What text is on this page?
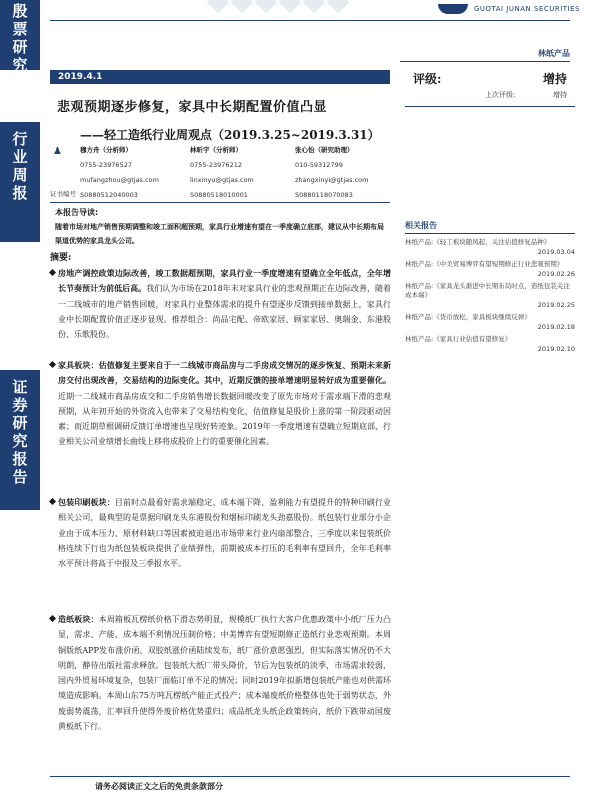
殷
票
研
究
行
业
周
报
证
券
研
究
报
告
GUOTAI JUNAN SECURITIES
林纸产品
2019.4.1
悲观预期逐步修复，家具中长期配置价值凸显
——轻工造纸行业周观点（2019.3.25~2019.3.31）
♟
证书编号
穆方舟（分析师）
0755-23976527
mufangzhou@gtjas.com
S0880512040003
林昕宇（分析师）
0755-23976212
linxinyu@gtjas.com
S0880518010001
张心怡（研究助理）
010-59312799
zhangxinyi@gtjas.com
S0880118070083
评级:	增持
上次评级:	增持
本报告导读:
随着市场对地产销售预期调整和竣工面积超预期，家具行业增速有望在一季度确立底部，建议从中长期布局渠道优势的家具龙头公司。
摘要:
房地产调控政策边际改善，竣工数据超预期，家具行业一季度增速有望确立全年低点，全年增长节奏预计为前低后高。我们认为市场在2018年末对家具行业的悲观预期正在边际改善，随着一二线城市的地产销售回暖，对家具行业整体需求的提升有望逐步反馈到接单数据上，家具行业中长期配置价值正逐步显现。推荐组合：尚品宅配、帝欧家居、顾家家居、奥瑞金、东港股份、乐歌股份。
家具板块：估值修复主要来自于一二线城市商品房与二手房成交情况的逐步恢复、预期未来新房交付出现改善，交易结构的边际变化。其中，近期反馈的接单增速明显转好成为重要催化。近期一二线城市商品房成交和二手房销售增长数据回暖改变了原先市场对于需求端下滑的悲观预期，从年初开始的外资流入也带来了交易结构变化，估值修复是股价上涨的第一阶段驱动因素；而近期草根调研反馈订单增速也呈现好转迹象。2019年一季度增速有望确立短期底部，行业相关公司业绩增长曲线上移将成股价上行的重要催化因素。
包装印刷板块：目前时点最看好需求端稳定、成本端下降、盈利能力有望提升的特种印刷行业相关公司，最典型的是票据印刷龙头东港股份和烟标印刷龙头劲嘉股份。纸包装行业部分小企业由于成本压力、原材料缺口等因素被迫退出市场带来行业内扇部整合，三季度以来包装纸价格连续下行也为纸包装板块提供了业绩弹性，前期被成本打压的毛利率有望回升，全年毛利率水平预计将高于中报及三季报水平。
造纸板块：本周箱板瓦楞纸价格下滑态势明显，规模纸厂执行大客户优惠政策中小纸厂压力凸显，需求、产能、成本端不利情况压制价格；中美博弈有望短期修正造纸行业悲观预期。本周铜版纸APP发布涨价函，双胶纸涨价函陆续发布，纸厂涨价意愿强烈，但实际落实情况仍不大明朗，静待出版社需求释放。包装纸大纸厂带头降价，节后为包装纸的淡季，市场需求较弱，国内外贸易环境复杂，包装厂面临订单不足的情况；同时2019年拟新增包装纸产能也对供需环境造成影响。本周山东75万吨瓦楞纸产能正式投产；成本端废纸价格整体也处于弱势状态，外废弱势震荡，汇率回升使得外废价格优势重归；成品纸龙头纸企政策转向，纸价下跌带动国废黄板纸下行。
相关报告
林纸产品:《轻工板块随风起，关注估值修复品种》
2019.03.04
林纸产品:《中美贸易博弈有望短期修正行业悲观预期》
2019.02.26
林纸产品:《家具龙头渐进中长期布局时点，造纸包装关注成本端》
2019.02.25
林纸产品:《货币放松，家具板块继续反弹》
2019.02.18
林纸产品:《家具行业估值有望修复》
2019.02.10
请务必阅读正文之后的免责条款部分
